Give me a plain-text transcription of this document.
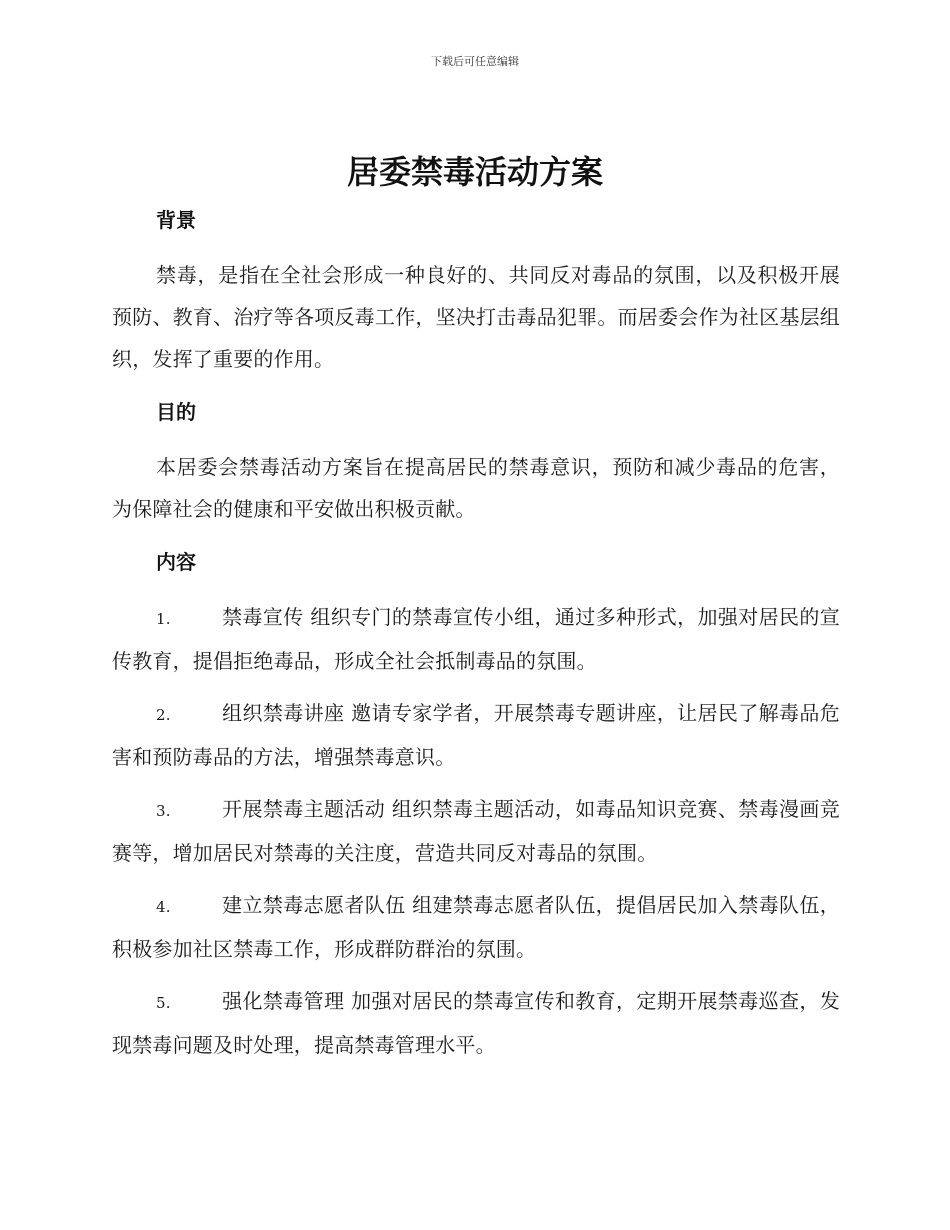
下载后可任意编辑
居委禁毒活动方案
背景

禁毒，是指在全社会形成一种良好的、共同反对毒品的氛围，以及积极开展预防、教育、治疗等各项反毒工作，坚决打击毒品犯罪。而居委会作为社区基层组织，发挥了重要的作用。

目的

本居委会禁毒活动方案旨在提高居民的禁毒意识，预防和减少毒品的危害，为保障社会的健康和平安做出积极贡献。

内容

1.	禁毒宣传 组织专门的禁毒宣传小组，通过多种形式，加强对居民的宣传教育，提倡拒绝毒品，形成全社会抵制毒品的氛围。

2.	组织禁毒讲座 邀请专家学者，开展禁毒专题讲座，让居民了解毒品危害和预防毒品的方法，增强禁毒意识。

3.	开展禁毒主题活动 组织禁毒主题活动，如毒品知识竞赛、禁毒漫画竞赛等，增加居民对禁毒的关注度，营造共同反对毒品的氛围。

4.	建立禁毒志愿者队伍 组建禁毒志愿者队伍，提倡居民加入禁毒队伍，积极参加社区禁毒工作，形成群防群治的氛围。

5.	强化禁毒管理 加强对居民的禁毒宣传和教育，定期开展禁毒巡查，发现禁毒问题及时处理，提高禁毒管理水平。
